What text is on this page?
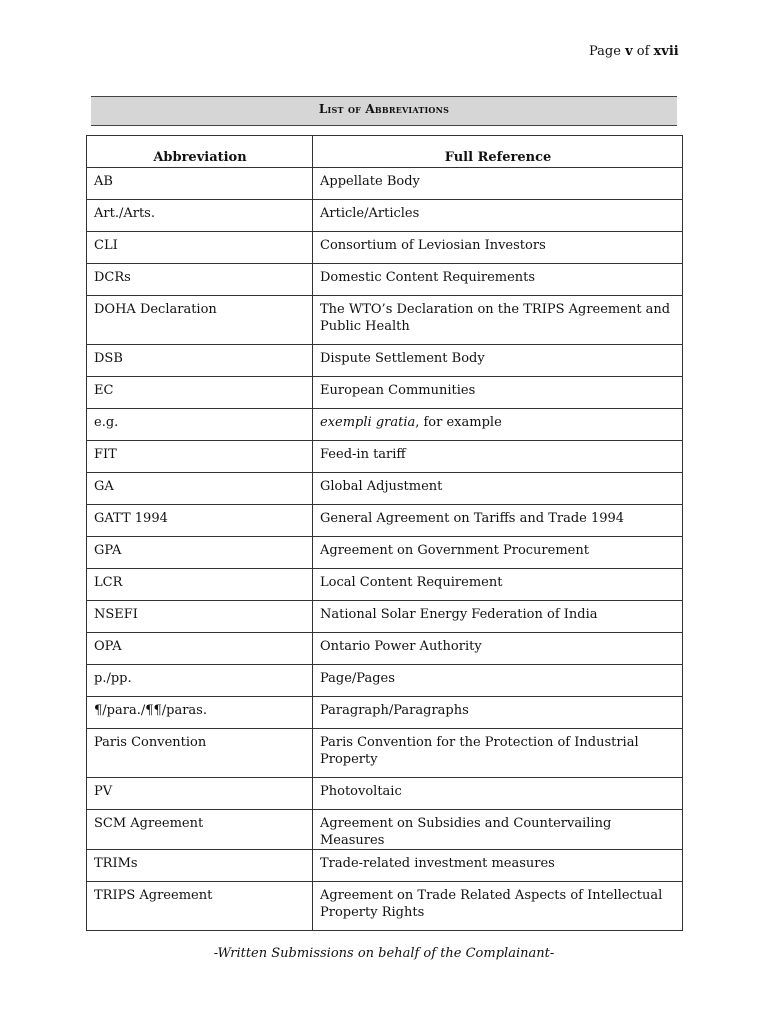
Page v of xvii
List of Abbreviations
Abbreviation	Full Reference
AB	Appellate Body
Art./Arts.	Article/Articles
CLI	Consortium of Leviosian Investors
DCRs	Domestic Content Requirements
DOHA Declaration	The WTO’s Declaration on the TRIPS Agreement and Public Health
DSB	Dispute Settlement Body
EC	European Communities
e.g.	exempli gratia, for example
FIT	Feed-in tariff
GA	Global Adjustment
GATT 1994	General Agreement on Tariffs and Trade 1994
GPA	Agreement on Government Procurement
LCR	Local Content Requirement
NSEFI	National Solar Energy Federation of India
OPA	Ontario Power Authority
p./pp.	Page/Pages
¶/para./¶¶/paras.	Paragraph/Paragraphs
Paris Convention	Paris Convention for the Protection of Industrial Property
PV	Photovoltaic
SCM Agreement	Agreement on Subsidies and Countervailing Measures
TRIMs	Trade-related investment measures
TRIPS Agreement	Agreement on Trade Related Aspects of Intellectual Property Rights
-Written Submissions on behalf of the Complainant-
